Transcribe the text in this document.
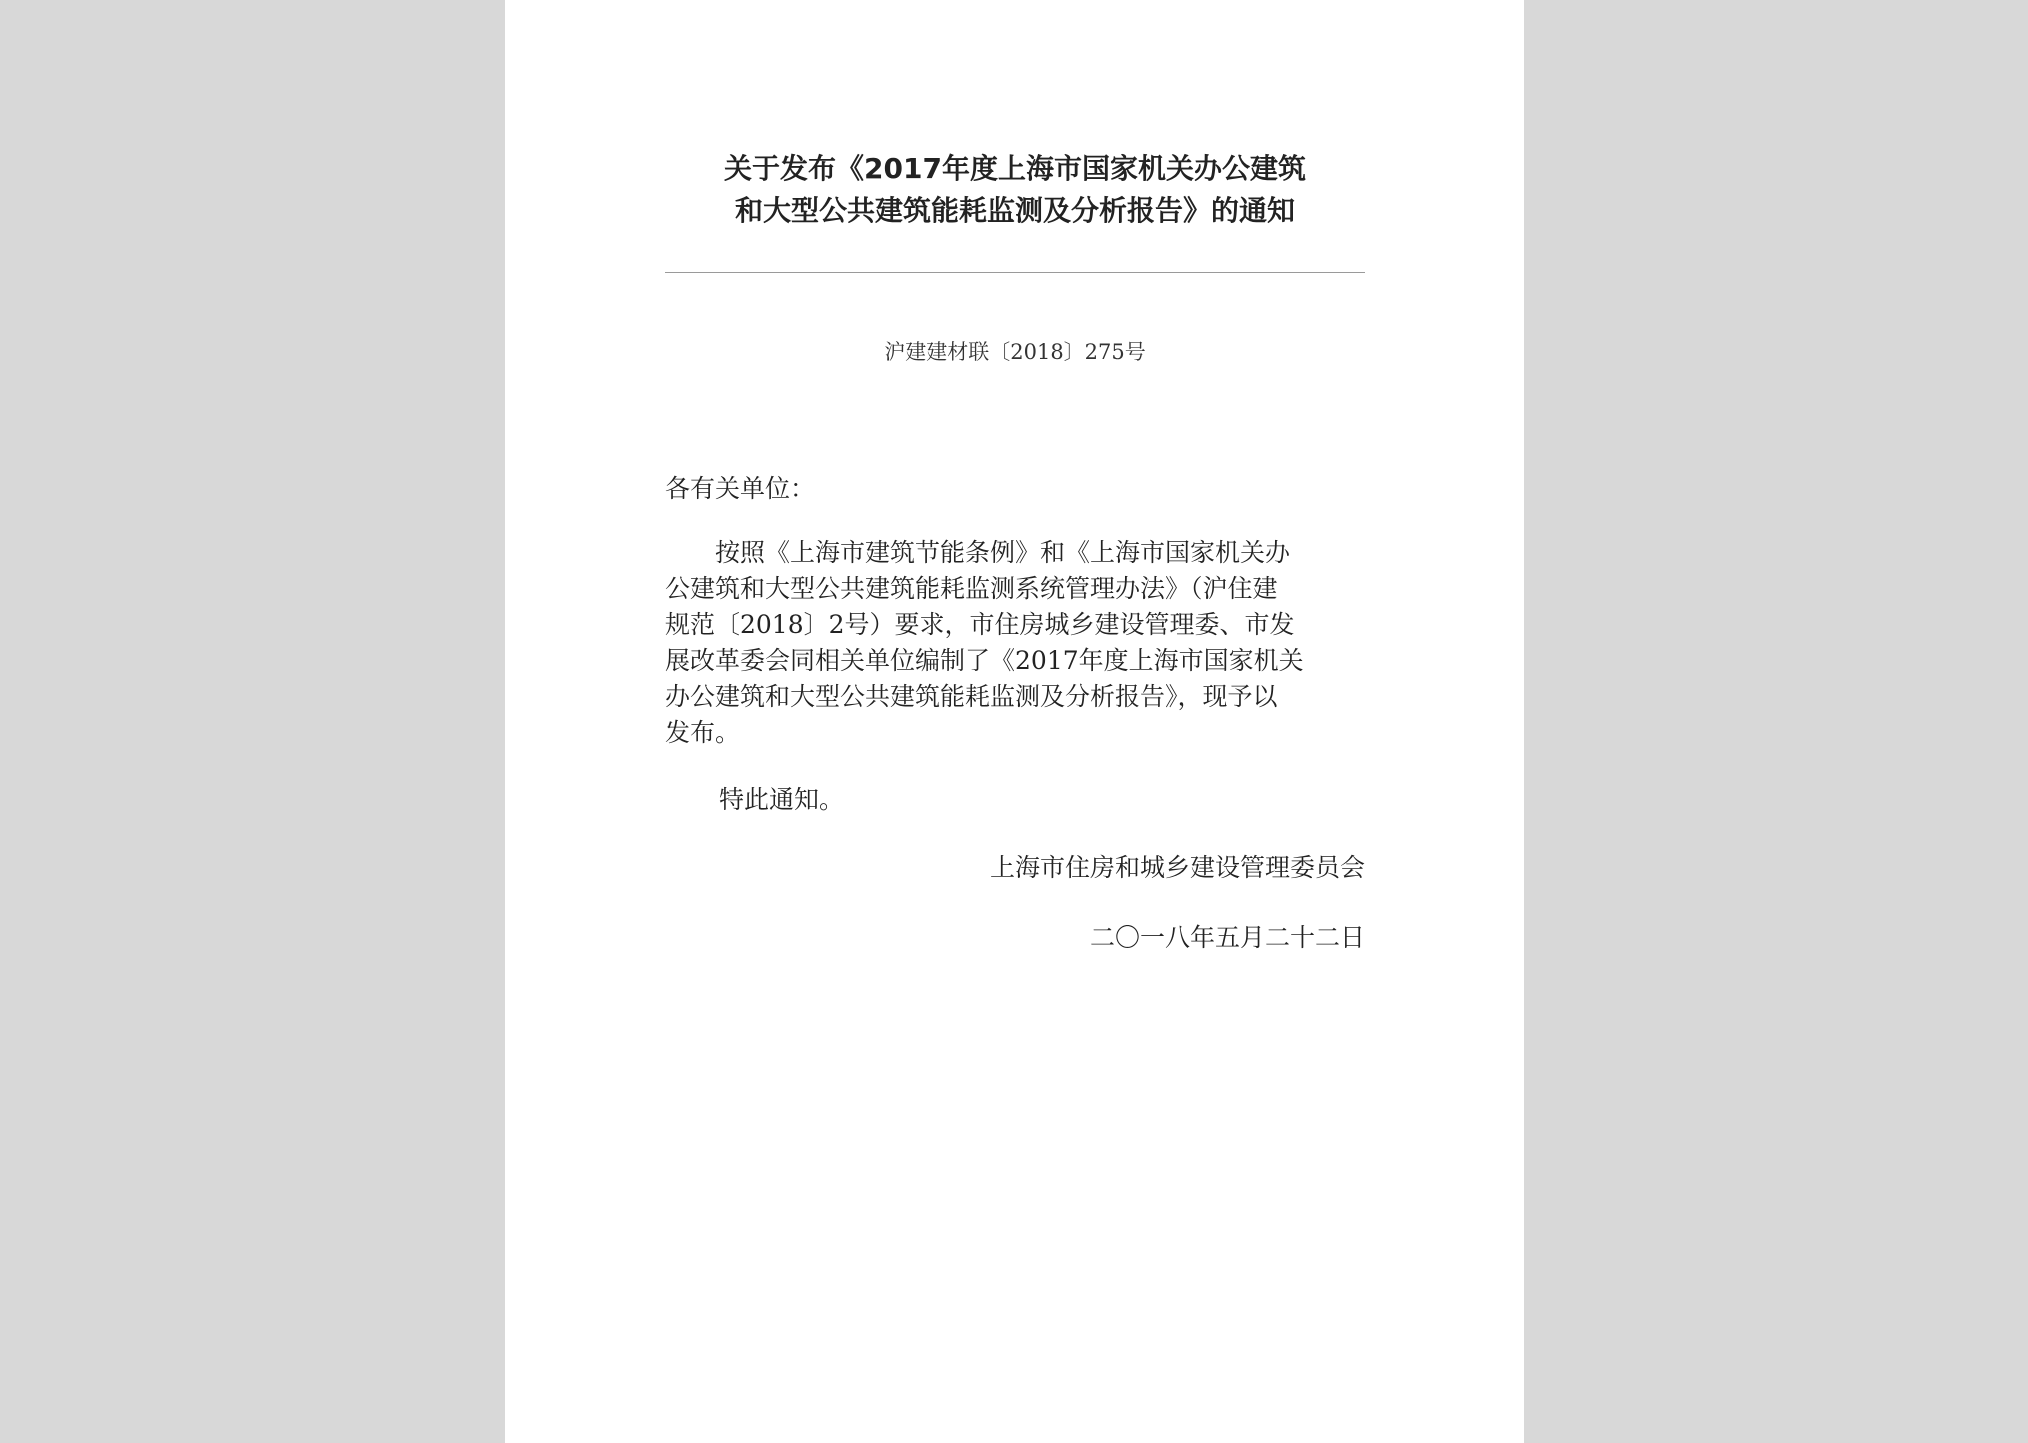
关于发布《2017年度上海市国家机关办公建筑
和大型公共建筑能耗监测及分析报告》的通知
沪建建材联〔2018〕275号
各有关单位：
　　按照《上海市建筑节能条例》和《上海市国家机关办
公建筑和大型公共建筑能耗监测系统管理办法》（沪住建
规范〔2018〕2号）要求，市住房城乡建设管理委、市发
展改革委会同相关单位编制了《2017年度上海市国家机关
办公建筑和大型公共建筑能耗监测及分析报告》，现予以
发布。
特此通知。
上海市住房和城乡建设管理委员会
二〇一八年五月二十二日
